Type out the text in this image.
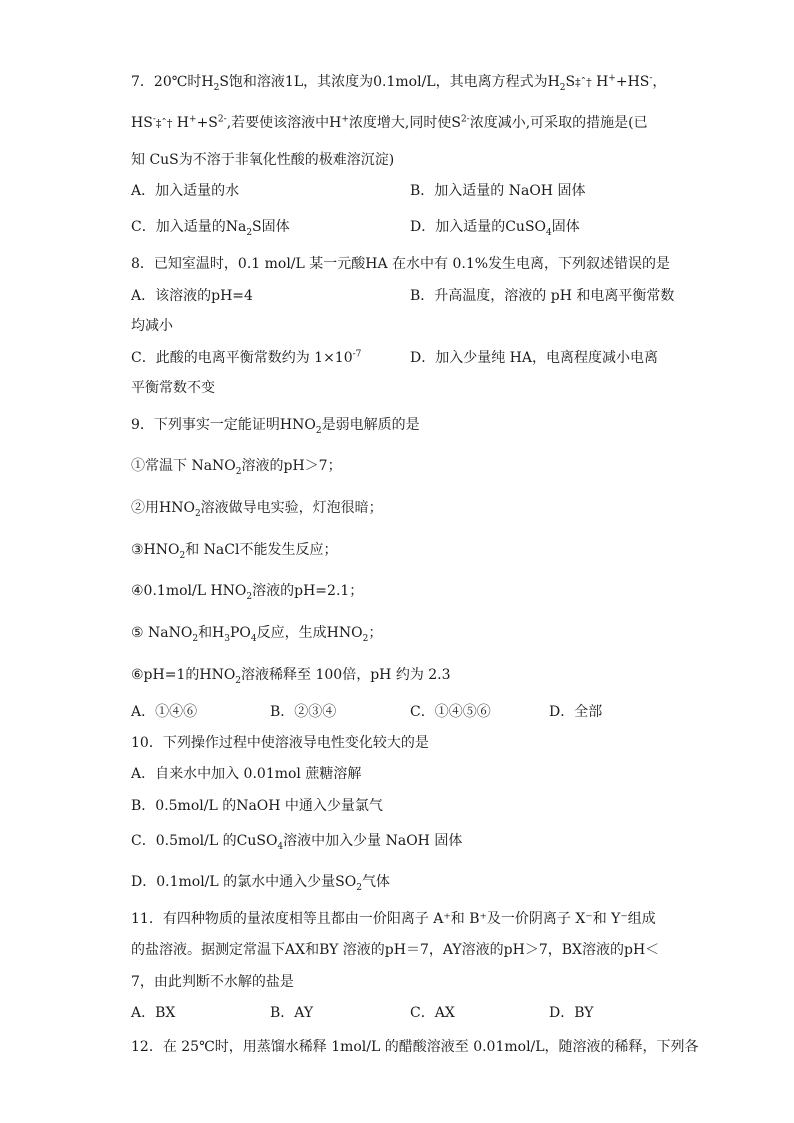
7．20℃时$H_2S$饱和溶液1L，其浓度为0.1mol/L，其电离方程式为$H_2S\ddagger ˆ\dagger$ H++HS-，
HS-‡ˆ† $H^++S^{2-}$,若要使该溶液中H+浓度增大,同时使$S^{2-}$浓度减小,可采取的措施是(已
知 CuS为不溶于非氧化性酸的极难溶沉淀)
A．加入适量的水	B．加入适量的 NaOH 固体
C．加入适量的$Na_2S$固体	D．加入适量的CuSO$_4$固体
8．已知室温时，0.1 mol/L 某一元酸HA 在水中有 0.1%发生电离，下列叙述错误的是
A．该溶液的pH=4	B．升高温度，溶液的 pH 和电离平衡常数
均减小
C．此酸的电离平衡常数约为 $1\times 10^{-7}$	D．加入少量纯 HA，电离程度减小电离
平衡常数不变
9．下列事实一定能证明$HNO_2$是弱电解质的是
①常温下 NaNO$_2$溶液的pH＞7；
②用$HNO_2$溶液做导电实验，灯泡很暗；
$③HNO_2$和 NaCl不能发生反应；
④0.1mol/L $HNO_2$溶液的pH=2.1；
⑤ NaNO$_2$和$H_3PO_4$反应，生成$HNO_2$；
⑥pH=1的$HNO_2$溶液稀释至 100倍，pH 约为 2.3
A．①④⑥	B．②③④	C．①④⑤⑥	D．全部
10．下列操作过程中使溶液导电性变化较大的是
A．自来水中加入 0.01mol 蔗糖溶解
B．0.5mol/L 的NaOH 中通入少量氯气
C．0.5mol/L 的CuSO$_4$溶液中加入少量 NaOH 固体
D．0.1mol/L 的氯水中通入少量$SO_2$气体
11．有四种物质的量浓度相等且都由一价阳离子 A⁺和 B⁺及一价阴离子 X⁻和 Y⁻组成
的盐溶液。据测定常温下AX和BY 溶液的pH＝7，AY溶液的pH＞7，BX溶液的pH＜
7，由此判断不水解的盐是
A．BX	B．AY	C．AX	D．BY
12．在 25℃时，用蒸馏水稀释 1mol/L 的醋酸溶液至 0.01mol/L，随溶液的稀释，下列各
